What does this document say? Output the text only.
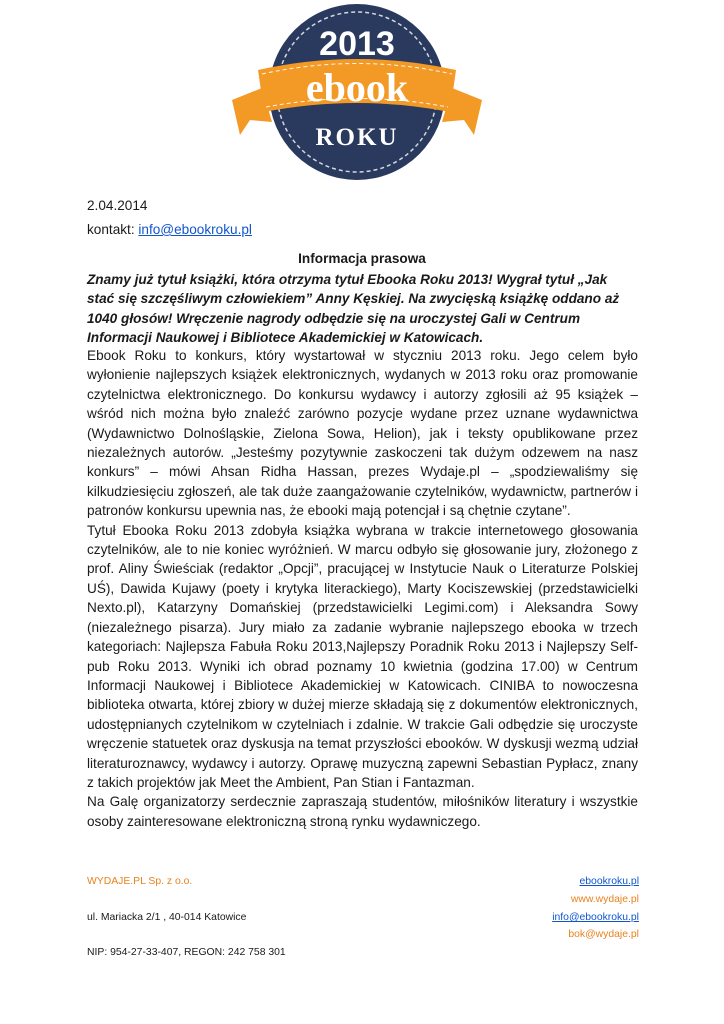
2013
ebook
ROKU
2.04.2014
kontakt: info@ebookroku.pl
Informacja prasowa
Znamy już tytuł książki, która otrzyma tytuł Ebooka Roku 2013! Wygrał tytuł „Jak stać się szczęśliwym człowiekiem” Anny Kęskiej. Na zwycięską książkę oddano aż 1040 głosów! Wręczenie nagrody odbędzie się na uroczystej Gali w Centrum Informacji Naukowej i Bibliotece Akademickiej w Katowicach.

Ebook Roku to konkurs, który wystartował w styczniu 2013 roku. Jego celem było wyłonienie najlepszych książek elektronicznych, wydanych w 2013 roku oraz promowanie czytelnictwa elektronicznego. Do konkursu wydawcy i autorzy zgłosili aż 95 książek – wśród nich można było znaleźć zarówno pozycje wydane przez uznane wydawnictwa (Wydawnictwo Dolnośląskie, Zielona Sowa, Helion), jak i teksty opublikowane przez niezależnych autorów. „Jesteśmy pozytywnie zaskoczeni tak dużym odzewem na nasz konkurs” – mówi Ahsan Ridha Hassan, prezes Wydaje.pl – „spodziewaliśmy się kilkudziesięciu zgłoszeń, ale tak duże zaangażowanie czytelników, wydawnictw, partnerów i patronów konkursu upewnia nas, że ebooki mają potencjał i są chętnie czytane”.

Tytuł Ebooka Roku 2013 zdobyła książka wybrana w trakcie internetowego głosowania czytelników, ale to nie koniec wyróżnień. W marcu odbyło się głosowanie jury, złożonego z prof. Aliny Świeściak (redaktor „Opcji”, pracującej w Instytucie Nauk o Literaturze Polskiej UŚ), Dawida Kujawy (poety i krytyka literackiego), Marty Kociszewskiej (przedstawicielki Nexto.pl), Katarzyny Domańskiej (przedstawicielki Legimi.com) i Aleksandra Sowy (niezależnego pisarza). Jury miało za zadanie wybranie najlepszego ebooka w trzech kategoriach: Najlepsza Fabuła Roku 2013,Najlepszy Poradnik Roku 2013 i Najlepszy Self-pub Roku 2013. Wyniki ich obrad poznamy 10 kwietnia (godzina 17.00) w Centrum Informacji Naukowej i Bibliotece Akademickiej w Katowicach. CINIBA to nowoczesna biblioteka otwarta, której zbiory w dużej mierze składają się z dokumentów elektronicznych, udostępnianych czytelnikom w czytelniach i zdalnie. W trakcie Gali odbędzie się uroczyste wręczenie statuetek oraz dyskusja na temat przyszłości ebooków. W dyskusji wezmą udział literaturoznawcy, wydawcy i autorzy. Oprawę muzyczną zapewni Sebastian Pypłacz, znany z takich projektów jak Meet the Ambient, Pan Stian i Fantazman.

Na Galę organizatorzy serdecznie zapraszają studentów, miłośników literatury i wszystkie osoby zainteresowane elektroniczną stroną rynku wydawniczego.

WYDAJE.PL Sp. z o.o.
ul. Mariacka 2/1 , 40-014 Katowice
NIP: 954-27-33-407, REGON: 242 758 301
ebookroku.pl
www.wydaje.pl
info@ebookroku.pl
bok@wydaje.pl
